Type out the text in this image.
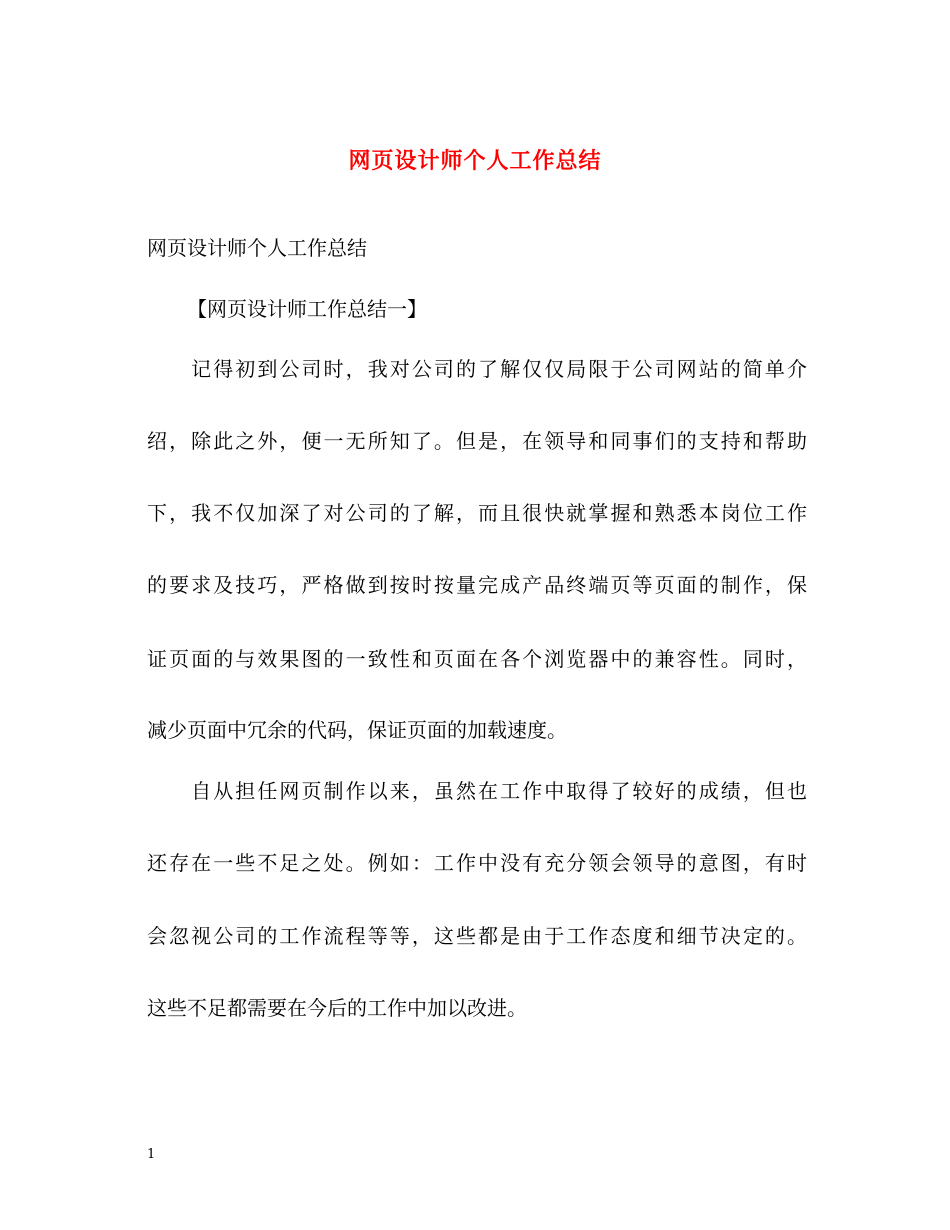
网页设计师个人工作总结
网页设计师个人工作总结
【网页设计师工作总结一】
　　记得初到公司时，我对公司的了解仅仅局限于公司网站的简单介
绍，除此之外，便一无所知了。但是，在领导和同事们的支持和帮助
下，我不仅加深了对公司的了解，而且很快就掌握和熟悉本岗位工作
的要求及技巧，严格做到按时按量完成产品终端页等页面的制作，保
证页面的与效果图的一致性和页面在各个浏览器中的兼容性。同时，
减少页面中冗余的代码，保证页面的加载速度。
　　自从担任网页制作以来，虽然在工作中取得了较好的成绩，但也
还存在一些不足之处。例如：工作中没有充分领会领导的意图，有时
会忽视公司的工作流程等等，这些都是由于工作态度和细节决定的。
这些不足都需要在今后的工作中加以改进。
1
